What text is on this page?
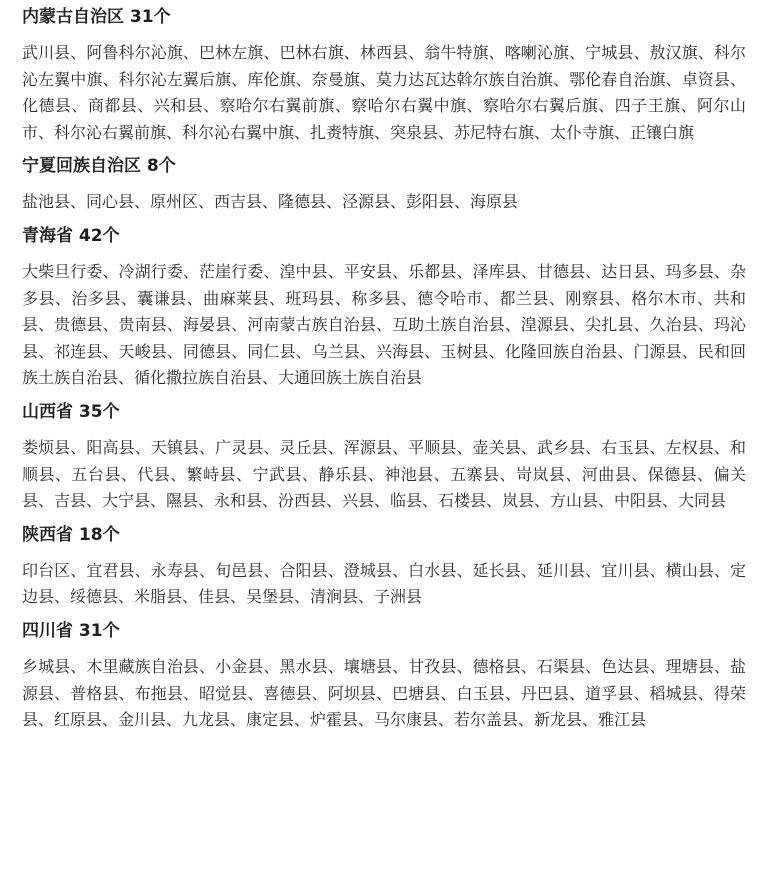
内蒙古自治区 31个

武川县、阿鲁科尔沁旗、巴林左旗、巴林右旗、林西县、翁牛特旗、喀喇沁旗、宁城县、敖汉旗、科尔沁左翼中旗、科尔沁左翼后旗、库伦旗、奈曼旗、莫力达瓦达斡尔族自治旗、鄂伦春自治旗、卓资县、化德县、商都县、兴和县、察哈尔右翼前旗、察哈尔右翼中旗、察哈尔右翼后旗、四子王旗、阿尔山市、科尔沁右翼前旗、科尔沁右翼中旗、扎赉特旗、突泉县、苏尼特右旗、太仆寺旗、正镶白旗

宁夏回族自治区 8个

盐池县、同心县、原州区、西吉县、隆德县、泾源县、彭阳县、海原县

青海省 42个

大柴旦行委、冷湖行委、茫崖行委、湟中县、平安县、乐都县、泽库县、甘德县、达日县、玛多县、杂多县、治多县、囊谦县、曲麻莱县、班玛县、称多县、德令哈市、都兰县、刚察县、格尔木市、共和县、贵德县、贵南县、海晏县、河南蒙古族自治县、互助土族自治县、湟源县、尖扎县、久治县、玛沁县、祁连县、天峻县、同德县、同仁县、乌兰县、兴海县、玉树县、化隆回族自治县、门源县、民和回族土族自治县、循化撒拉族自治县、大通回族土族自治县

山西省 35个

娄烦县、阳高县、天镇县、广灵县、灵丘县、浑源县、平顺县、壶关县、武乡县、右玉县、左权县、和顺县、五台县、代县、繁峙县、宁武县、静乐县、神池县、五寨县、岢岚县、河曲县、保德县、偏关县、吉县、大宁县、隰县、永和县、汾西县、兴县、临县、石楼县、岚县、方山县、中阳县、大同县

陕西省 18个

印台区、宜君县、永寿县、旬邑县、合阳县、澄城县、白水县、延长县、延川县、宜川县、横山县、定边县、绥德县、米脂县、佳县、吴堡县、清涧县、子洲县

四川省 31个

乡城县、木里藏族自治县、小金县、黑水县、壤塘县、甘孜县、德格县、石渠县、色达县、理塘县、盐源县、普格县、布拖县、昭觉县、喜德县、阿坝县、巴塘县、白玉县、丹巴县、道孚县、稻城县、得荣县、红原县、金川县、九龙县、康定县、炉霍县、马尔康县、若尔盖县、新龙县、雅江县
